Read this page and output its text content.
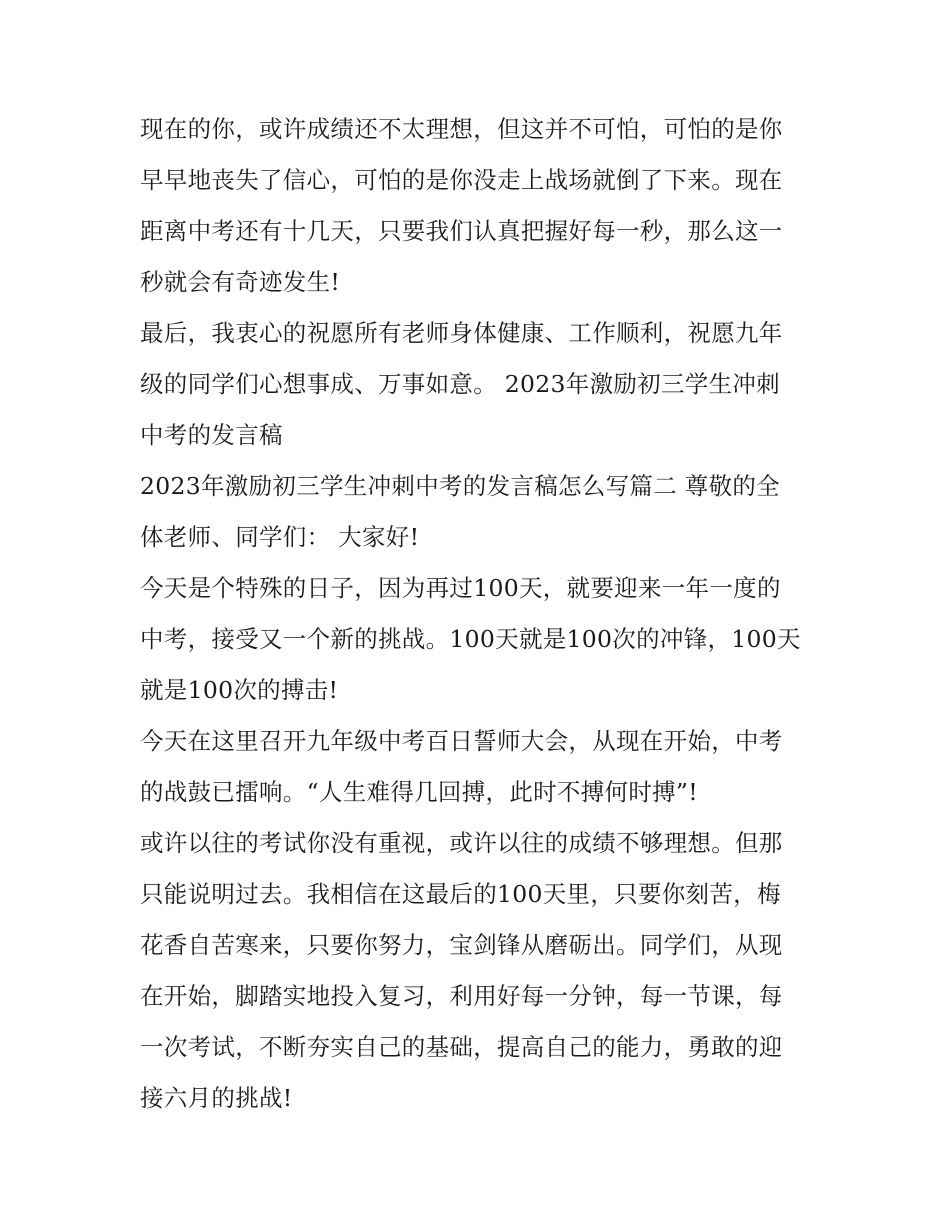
现在的你，或许成绩还不太理想，但这并不可怕，可怕的是你
早早地丧失了信心，可怕的是你没走上战场就倒了下来。现在
距离中考还有十几天，只要我们认真把握好每一秒，那么这一
秒就会有奇迹发生!
最后，我衷心的祝愿所有老师身体健康、工作顺利，祝愿九年
级的同学们心想事成、万事如意。 2023年激励初三学生冲刺
中考的发言稿
2023年激励初三学生冲刺中考的发言稿怎么写篇二 尊敬的全
体老师、同学们： 大家好!
今天是个特殊的日子，因为再过100天，就要迎来一年一度的
中考，接受又一个新的挑战。100天就是100次的冲锋，100天
就是100次的搏击!
今天在这里召开九年级中考百日誓师大会，从现在开始，中考
的战鼓已擂响。“人生难得几回搏，此时不搏何时搏”!
或许以往的考试你没有重视，或许以往的成绩不够理想。但那
只能说明过去。我相信在这最后的100天里，只要你刻苦，梅
花香自苦寒来，只要你努力，宝剑锋从磨砺出。同学们，从现
在开始，脚踏实地投入复习，利用好每一分钟，每一节课，每
一次考试，不断夯实自己的基础，提高自己的能力，勇敢的迎
接六月的挑战!
